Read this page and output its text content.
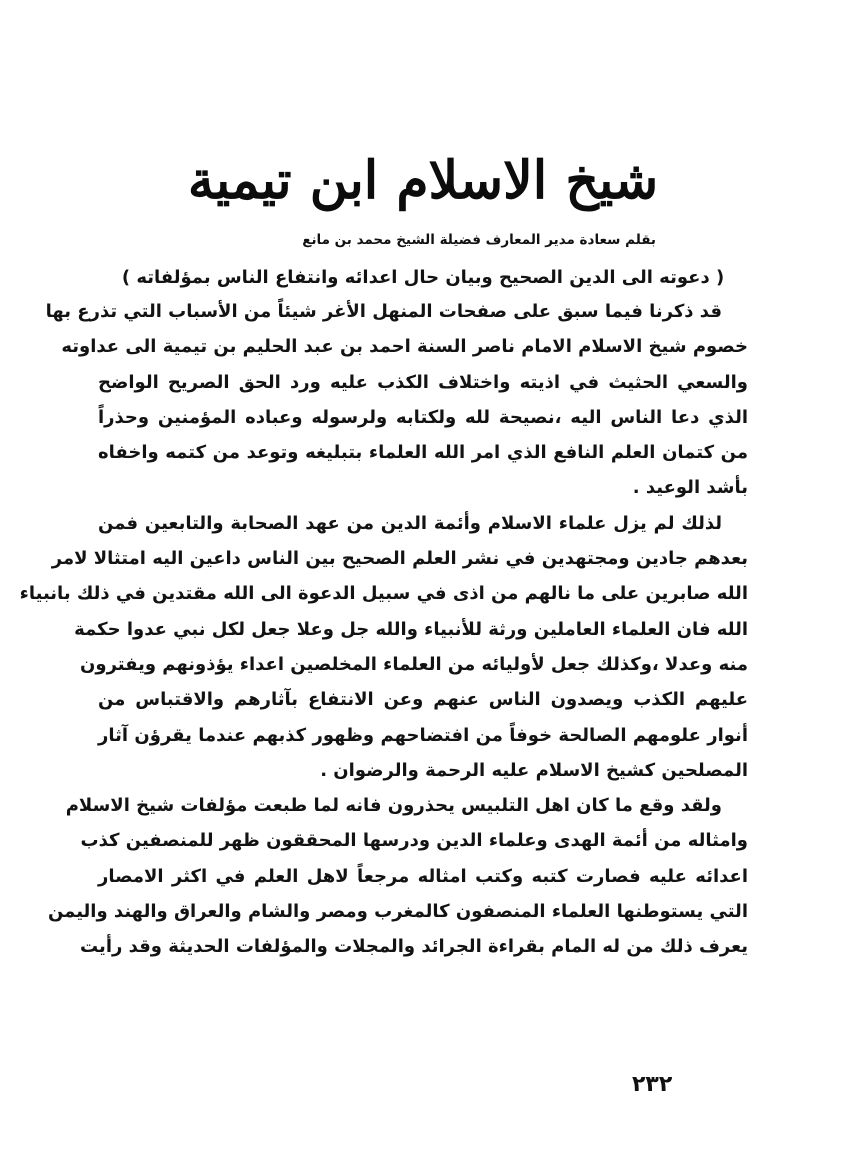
شيخ الاسلام ابن تيمية
بقلم سعادة مدير المعارف فضيلة الشيخ محمد بن مانع
( دعوته الى الدين الصحيح وبيان حال اعدائه وانتفاع الناس بمؤلفاته )
قد ذكرنا فيما سبق على صفحات المنهل الأغر شيئاً من الأسباب التي تذرع بها
خصوم شيخ الاسلام الامام ناصر السنة احمد بن عبد الحليم بن تيمية الى عداوته
والسعي الحثيث في اذيته واختلاف الكذب عليه ورد الحق الصريح الواضح
الذي دعا الناس اليه ،نصيحة لله ولكتابه ولرسوله وعباده المؤمنين وحذراً
من كتمان العلم النافع الذي امر الله العلماء بتبليغه وتوعد من كتمه واخفاه
بأشد الوعيد .
لذلك لم يزل علماء الاسلام وأئمة الدين من عهد الصحابة والتابعين فمن
بعدهم جادين ومجتهدين في نشر العلم الصحيح بين الناس داعين اليه امتثالا لامر
الله صابرين على ما نالهم من اذى في سبيل الدعوة الى الله مقتدين في ذلك بانبياء
الله فان العلماء العاملين ورثة للأنبياء والله جل وعلا جعل لكل نبي عدوا حكمة
منه وعدلا ،وكذلك جعل لأوليائه من العلماء المخلصين اعداء يؤذونهم ويفترون
عليهم الكذب ويصدون الناس عنهم وعن الانتفاع بآثارهم والاقتباس من
أنوار علومهم الصالحة خوفاً من افتضاحهم وظهور كذبهم عندما يقرؤن آثار
المصلحين كشيخ الاسلام عليه الرحمة والرضوان .
ولقد وقع ما كان اهل التلبيس يحذرون فانه لما طبعت مؤلفات شيخ الاسلام
وامثاله من أئمة الهدى وعلماء الدين ودرسها المحققون ظهر للمنصفين كذب
اعدائه عليه فصارت كتبه وكتب امثاله مرجعاً لاهل العلم في اكثر الامصار
التي يستوطنها العلماء المنصفون كالمغرب ومصر والشام والعراق والهند واليمن
يعرف ذلك من له المام بقراءة الجرائد والمجلات والمؤلفات الحديثة وقد رأيت
٢٣٢
